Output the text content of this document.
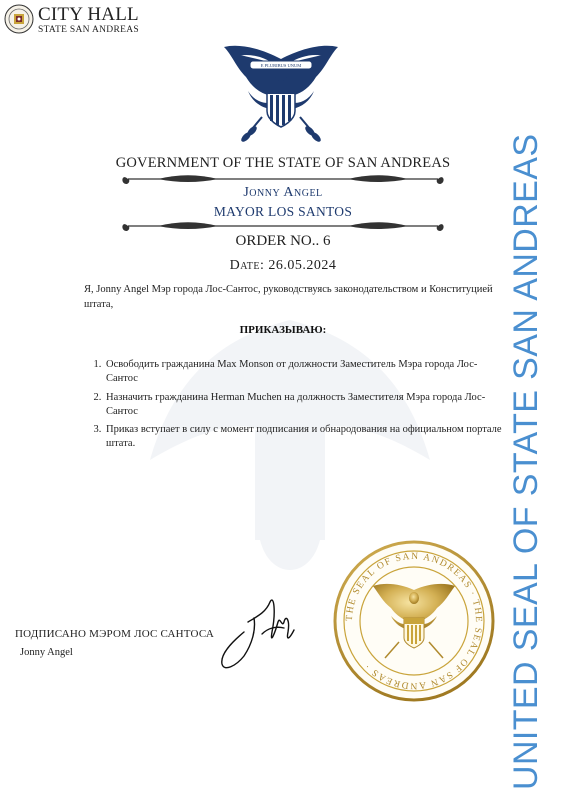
CITY HALL
STATE SAN ANDREAS
E PLURIBUS UNUM
GOVERNMENT OF THE STATE OF SAN ANDREAS
Jonny Angel
MAYOR LOS SANTOS
ORDER NO.. 6
Date: 26.05.2024
Я, Jonny Angel Мэр города Лос-Сантос, руководствуясь законодательством и Конституцией штата,
ПРИКАЗЫВАЮ:
1. Освободить гражданина Max Monson от должности Заместитель Мэра города Лос-Сантос
2. Назначить гражданина Herman Muchen на должность Заместителя Мэра города Лос-Сантос
3. Приказ вступает в силу с момент подписания и обнародования на официальном портале штата.
ПОДПИСАНО МЭРОМ ЛОС САНТОСА
Jonny Angel
THE SEAL OF SAN ANDREAS · THE SEAL OF SAN ANDREAS ·	UNITED SEAL OF STATE SAN ANDREAS
